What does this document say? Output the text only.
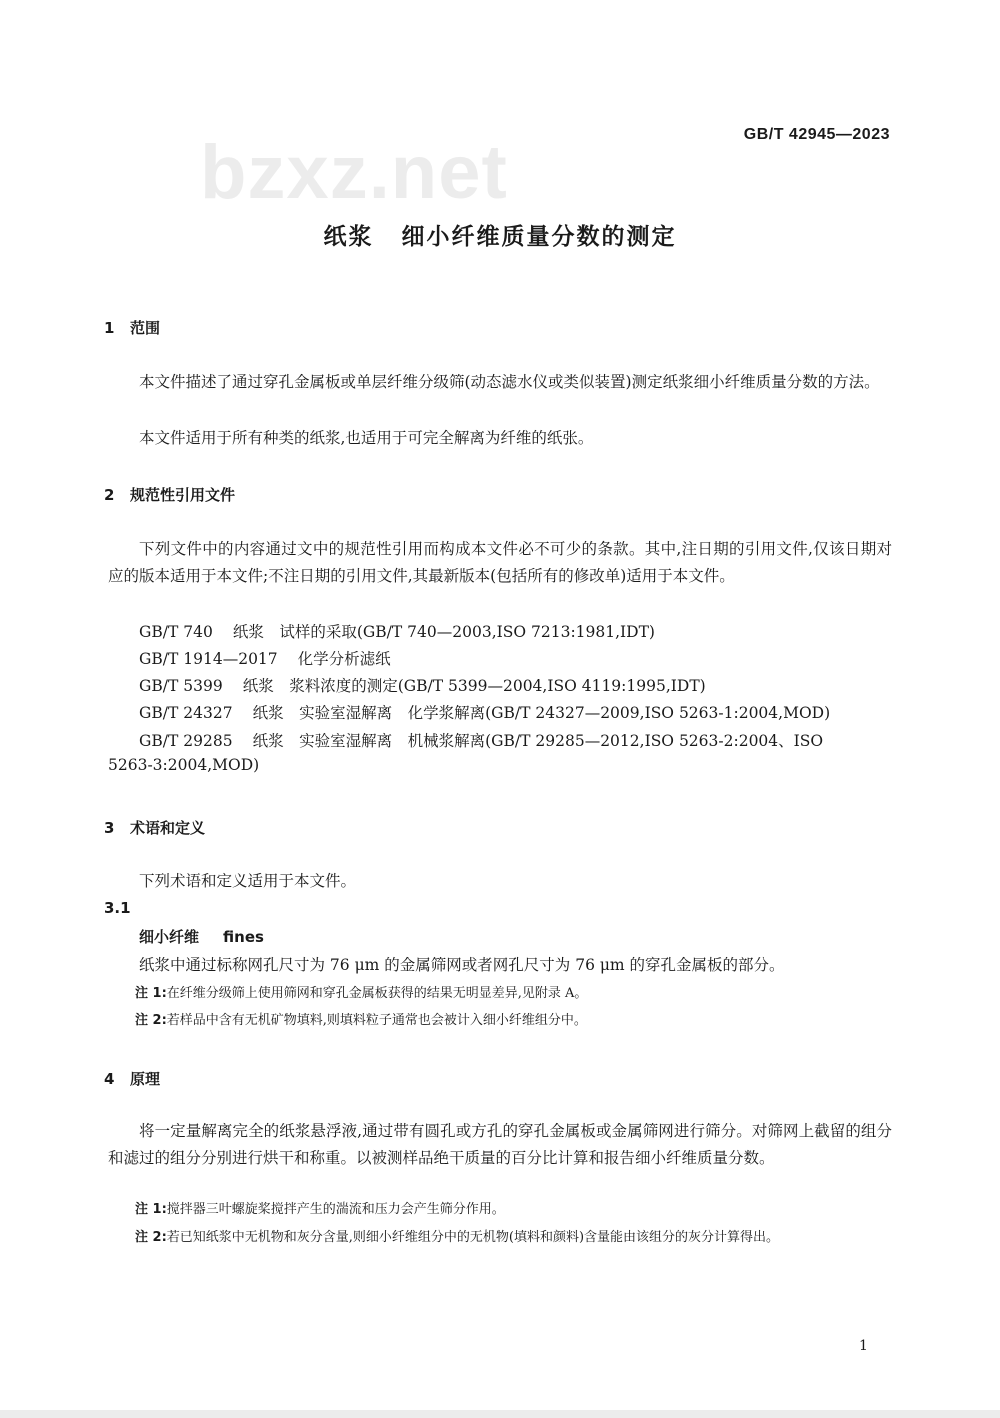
bzxz.net	GB/T 42945—2023
纸浆 细小纤维质量分数的测定
1 范围
本文件描述了通过穿孔金属板或单层纤维分级筛(动态滤水仪或类似装置)测定纸浆细小纤维质量分数的方法。
本文件适用于所有种类的纸浆,也适用于可完全解离为纤维的纸张。
2 规范性引用文件
下列文件中的内容通过文中的规范性引用而构成本文件必不可少的条款。其中,注日期的引用文件,仅该日期对应的版本适用于本文件;不注日期的引用文件,其最新版本(包括所有的修改单)适用于本文件。
GB/T 740 纸浆　试样的采取(GB/T 740—2003,ISO 7213:1981,IDT)
GB/T 1914—2017 化学分析滤纸
GB/T 5399 纸浆　浆料浓度的测定(GB/T 5399—2004,ISO 4119:1995,IDT)
GB/T 24327 纸浆　实验室湿解离　化学浆解离(GB/T 24327—2009,ISO 5263-1:2004,MOD)
GB/T 29285 纸浆　实验室湿解离　机械浆解离(GB/T 29285—2012,ISO 5263-2:2004、ISO
5263-3:2004,MOD)
3 术语和定义
下列术语和定义适用于本文件。
3.1
细小纤维 fines
纸浆中通过标称网孔尺寸为 76 μm 的金属筛网或者网孔尺寸为 76 μm 的穿孔金属板的部分。
注 1:在纤维分级筛上使用筛网和穿孔金属板获得的结果无明显差异,见附录 A。
注 2:若样品中含有无机矿物填料,则填料粒子通常也会被计入细小纤维组分中。
4 原理
将一定量解离完全的纸浆悬浮液,通过带有圆孔或方孔的穿孔金属板或金属筛网进行筛分。对筛网上截留的组分和滤过的组分分别进行烘干和称重。以被测样品绝干质量的百分比计算和报告细小纤维质量分数。
注 1:搅拌器三叶螺旋桨搅拌产生的湍流和压力会产生筛分作用。
注 2:若已知纸浆中无机物和灰分含量,则细小纤维组分中的无机物(填料和颜料)含量能由该组分的灰分计算得出。
1
